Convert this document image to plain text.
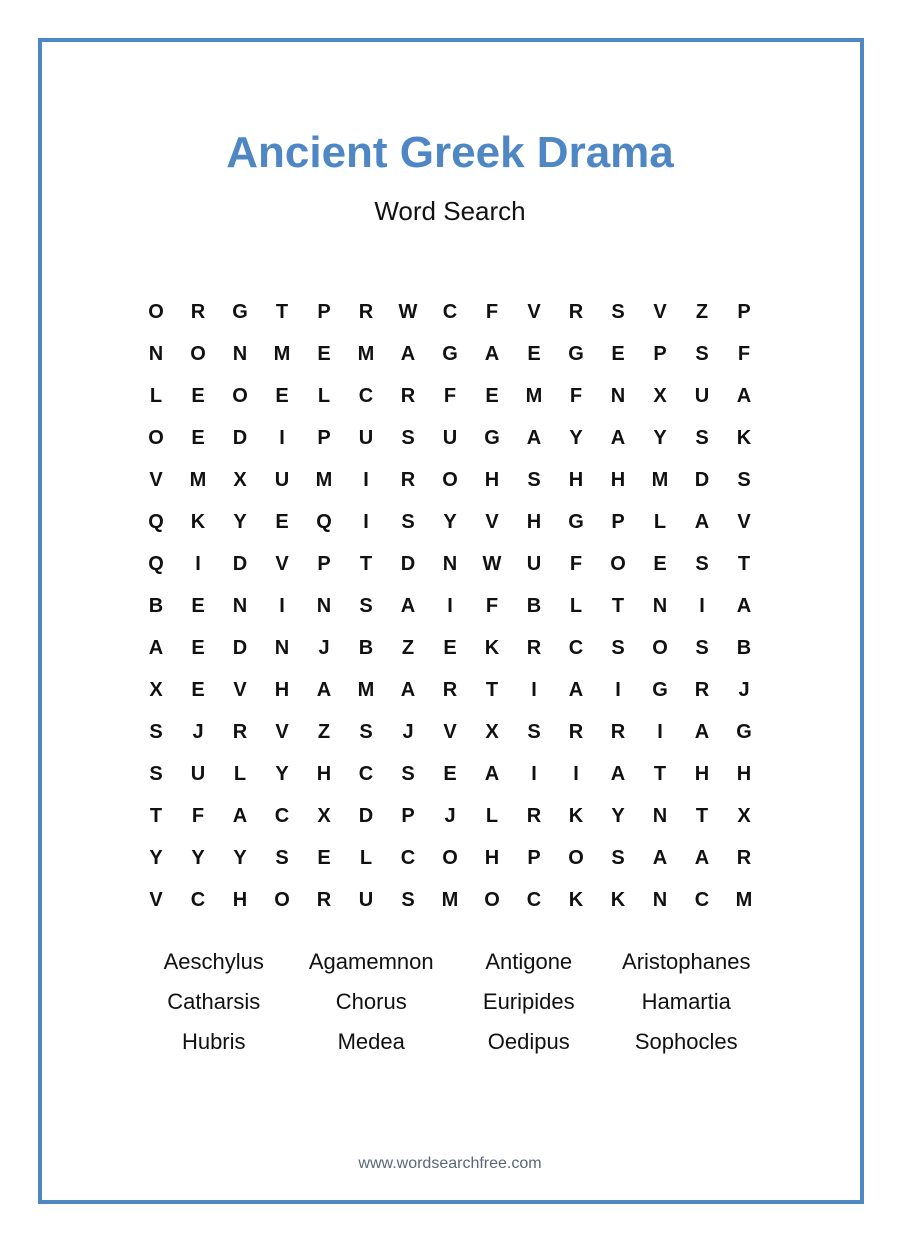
Ancient Greek Drama
Word Search
O	R	G	T	P	R	W	C	F	V	R	S	V	Z	P
N	O	N	M	E	M	A	G	A	E	G	E	P	S	F
L	E	O	E	L	C	R	F	E	M	F	N	X	U	A
O	E	D	I	P	U	S	U	G	A	Y	A	Y	S	K
V	M	X	U	M	I	R	O	H	S	H	H	M	D	S
Q	K	Y	E	Q	I	S	Y	V	H	G	P	L	A	V
Q	I	D	V	P	T	D	N	W	U	F	O	E	S	T
B	E	N	I	N	S	A	I	F	B	L	T	N	I	A
A	E	D	N	J	B	Z	E	K	R	C	S	O	S	B
X	E	V	H	A	M	A	R	T	I	A	I	G	R	J
S	J	R	V	Z	S	J	V	X	S	R	R	I	A	G
S	U	L	Y	H	C	S	E	A	I	I	A	T	H	H
T	F	A	C	X	D	P	J	L	R	K	Y	N	T	X
Y	Y	Y	S	E	L	C	O	H	P	O	S	A	A	R
V	C	H	O	R	U	S	M	O	C	K	K	N	C	M
Aeschylus	Agamemnon	Antigone	Aristophanes
Catharsis	Chorus	Euripides	Hamartia
Hubris	Medea	Oedipus	Sophocles
www.wordsearchfree.com
